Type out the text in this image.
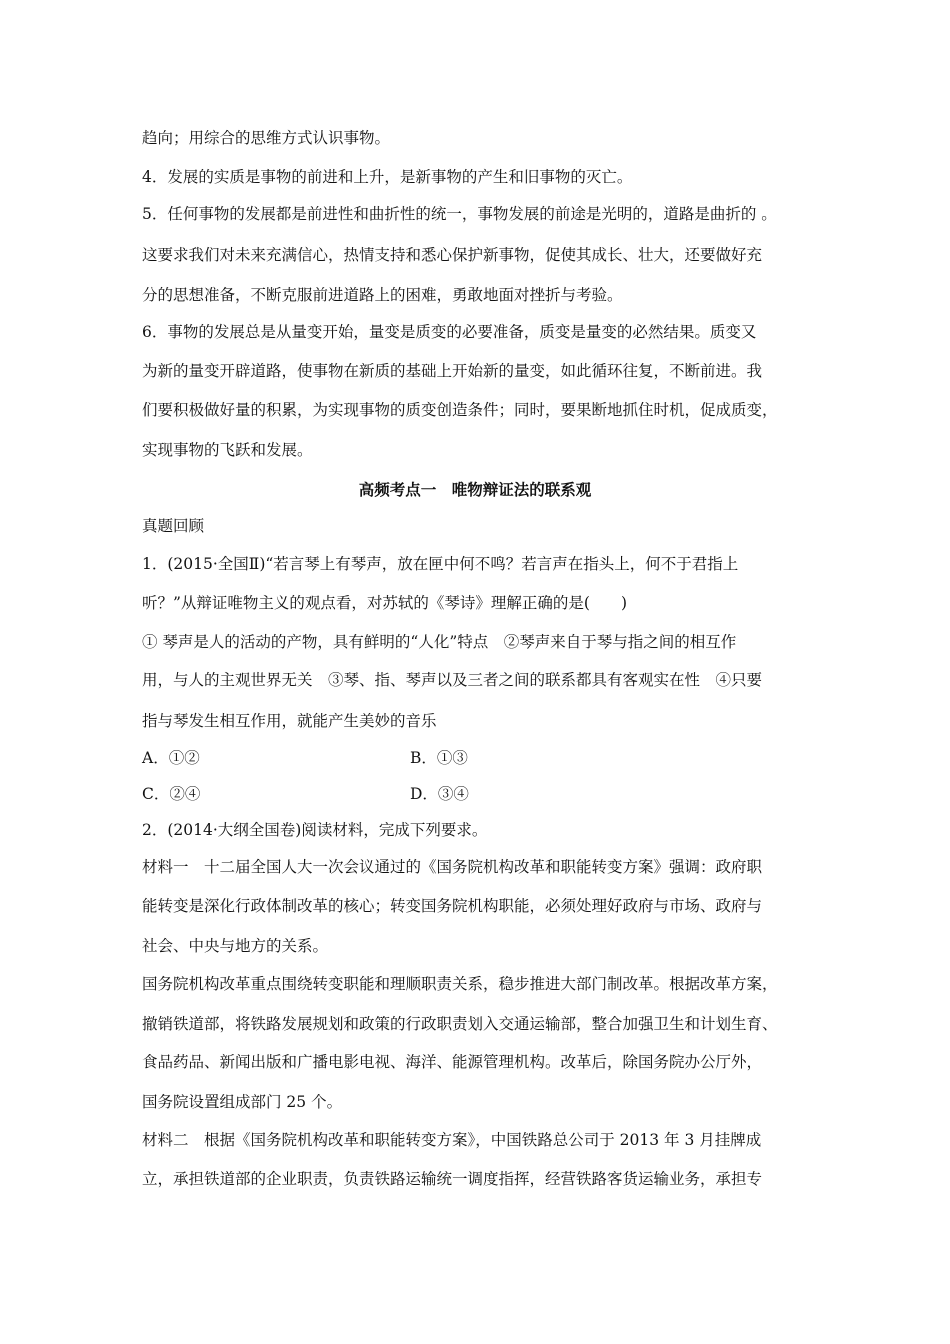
趋向；用综合的思维方式认识事物。
4．发展的实质是事物的前进和上升，是新事物的产生和旧事物的灭亡。
5．任何事物的发展都是前进性和曲折性的统一，事物发展的前途是光明的，道路是曲折的 。
这要求我们对未来充满信心，热情支持和悉心保护新事物，促使其成长、壮大，还要做好充
分的思想准备，不断克服前进道路上的困难，勇敢地面对挫折与考验。
6．事物的发展总是从量变开始，量变是质变的必要准备，质变是量变的必然结果。质变又
为新的量变开辟道路，使事物在新质的基础上开始新的量变，如此循环往复，不断前进。我
们要积极做好量的积累，为实现事物的质变创造条件；同时，要果断地抓住时机，促成质变，
实现事物的飞跃和发展。
高频考点一　唯物辩证法的联系观
真题回顾
1．(2015·全国Ⅱ)“若言琴上有琴声，放在匣中何不鸣？若言声在指头上，何不于君指上
听？”从辩证唯物主义的观点看，对苏轼的《琴诗》理解正确的是(　　)
① 琴声是人的活动的产物，具有鲜明的“人化”特点　②琴声来自于琴与指之间的相互作
用，与人的主观世界无关　③琴、指、琴声以及三者之间的联系都具有客观实在性　④只要
指与琴发生相互作用，就能产生美妙的音乐
A．①②	B．①③
C．②④	D．③④
2．(2014·大纲全国卷)阅读材料，完成下列要求。
材料一　十二届全国人大一次会议通过的《国务院机构改革和职能转变方案》强调：政府职
能转变是深化行政体制改革的核心；转变国务院机构职能，必须处理好政府与市场、政府与
社会、中央与地方的关系。
国务院机构改革重点围绕转变职能和理顺职责关系，稳步推进大部门制改革。根据改革方案，
撤销铁道部，将铁路发展规划和政策的行政职责划入交通运输部，整合加强卫生和计划生育、
食品药品、新闻出版和广播电影电视、海洋、能源管理机构。改革后，除国务院办公厅外，
国务院设置组成部门 25 个。
材料二　根据《国务院机构改革和职能转变方案》，中国铁路总公司于 2013 年 3 月挂牌成
立，承担铁道部的企业职责，负责铁路运输统一调度指挥，经营铁路客货运输业务，承担专
